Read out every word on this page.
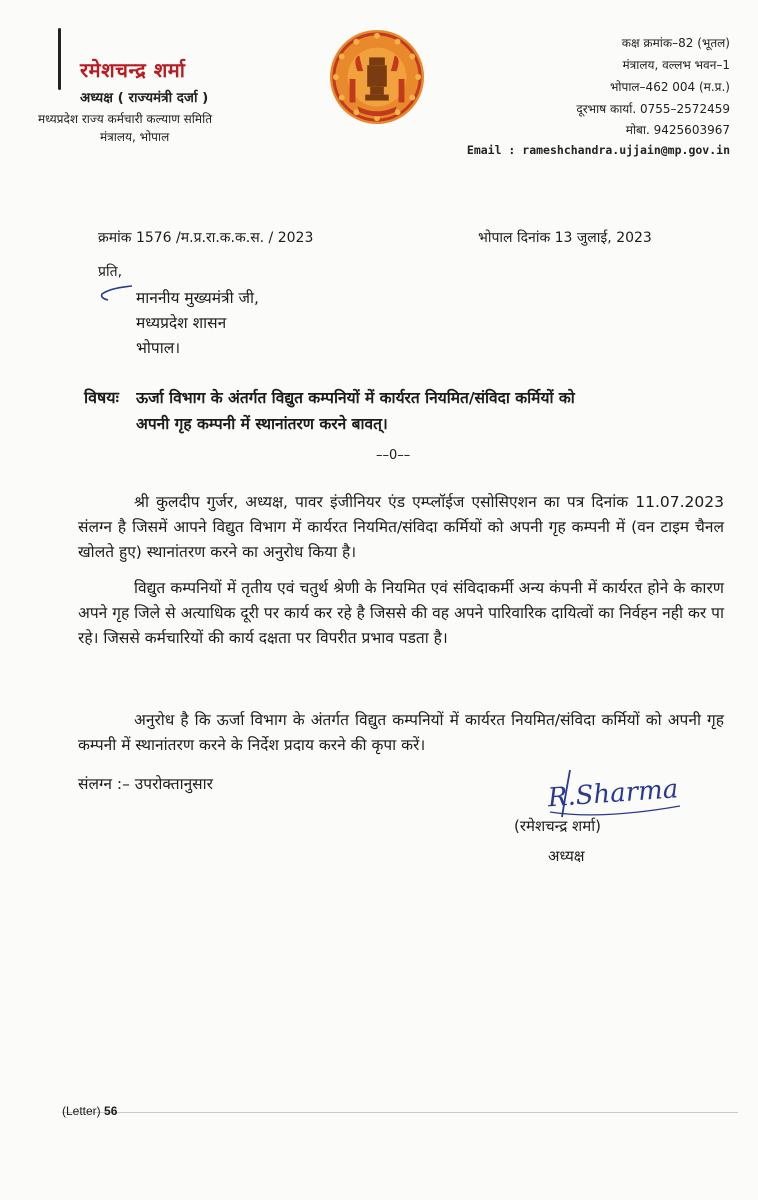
रमेशचन्द्र शर्मा
अध्यक्ष ( राज्यमंत्री दर्जा )
मध्यप्रदेश राज्य कर्मचारी कल्याण समिति
मंत्रालय, भोपाल
कक्ष क्रमांक–82 (भूतल)
मंत्रालय, वल्लभ भवन–1
भोपाल–462 004 (म.प्र.)
दूरभाष कार्या. 0755–2572459
मोबा. 9425603967
Email : rameshchandra.ujjain@mp.gov.in
क्रमांक 1576 /म.प्र.रा.क.क.स. / 2023	भोपाल दिनांक 13 जुलाई, 2023
प्रति,
माननीय मुख्यमंत्री जी,
मध्यप्रदेश शासन
भोपाल।
विषयः ऊर्जा विभाग के अंतर्गत विद्युत कम्पनियों में कार्यरत नियमित/संविदा कर्मियों को
अपनी गृह कम्पनी में स्थानांतरण करने बावत्।
––0––
श्री कुलदीप गुर्जर, अध्यक्ष, पावर इंजीनियर एंड एम्प्लॉईज एसोसिएशन का पत्र दिनांक 11.07.2023 संलग्न है जिसमें आपने विद्युत विभाग में कार्यरत नियमित/संविदा कर्मियों को अपनी गृह कम्पनी में (वन टाइम चैनल खोलते हुए) स्थानांतरण करने का अनुरोध किया है।
विद्युत कम्पनियों में तृतीय एवं चतुर्थ श्रेणी के नियमित एवं संविदाकर्मी अन्य कंपनी में कार्यरत होने के कारण अपने गृह जिले से अत्याधिक दूरी पर कार्य कर रहे है जिससे की वह अपने पारिवारिक दायित्वों का निर्वहन नही कर पा रहे। जिससे कर्मचारियों की कार्य दक्षता पर विपरीत प्रभाव पडता है।
अनुरोध है कि ऊर्जा विभाग के अंतर्गत विद्युत कम्पनियों में कार्यरत नियमित/संविदा कर्मियों को अपनी गृह कम्पनी में स्थानांतरण करने के निर्देश प्रदाय करने की कृपा करें।
संलग्न :– उपरोक्तानुसार	R.Sharma
(रमेशचन्द्र शर्मा)
अध्यक्ष
(Letter) 56
